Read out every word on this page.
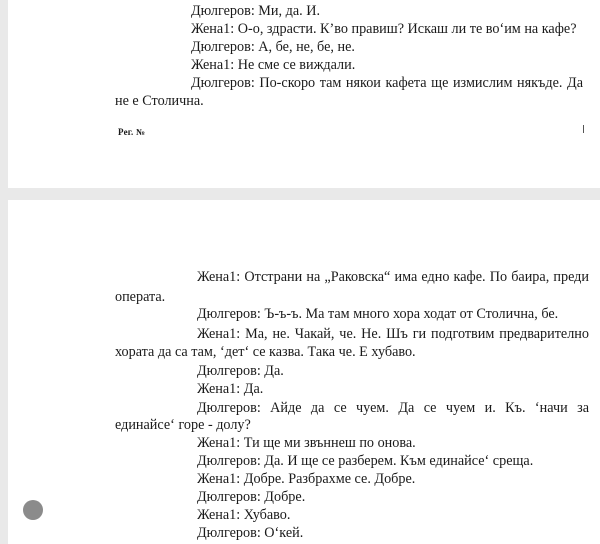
Дюлгеров: Ми, да. И.
Жена1: О-о, здрасти. К’во правиш? Искаш ли те во‘им на кафе?
Дюлгеров: А, бе, не, бе, не.
Жена1: Не сме се виждали.
Дюлгеров: По-скоро там някои кафета ще измислим някъде. Да
не е Столична.
Рег. №
Жена1: Отстрани на „Раковска“ има едно кафе. По баира, преди
операта.
Дюлгеров: Ъ-ъ-ъ. Ма там много хора ходат от Столична, бе.
Жена1: Ма, не. Чакай, че. Не. Шъ ги подготвим предварително
хората да са там, ‘дет‘ се казва. Така че. Е хубаво.
Дюлгеров: Да.
Жена1: Да.
Дюлгеров: Айде да се чуем. Да се чуем и. Къ. ‘начи за
единайсе‘ горе - долу?
Жена1: Ти ще ми звъннеш по онова.
Дюлгеров: Да. И ще се разберем. Към единайсе‘ среща.
Жена1: Добре. Разбрахме се. Добре.
Дюлгеров: Добре.
Жена1: Хубаво.
Дюлгеров: О‘кей.
